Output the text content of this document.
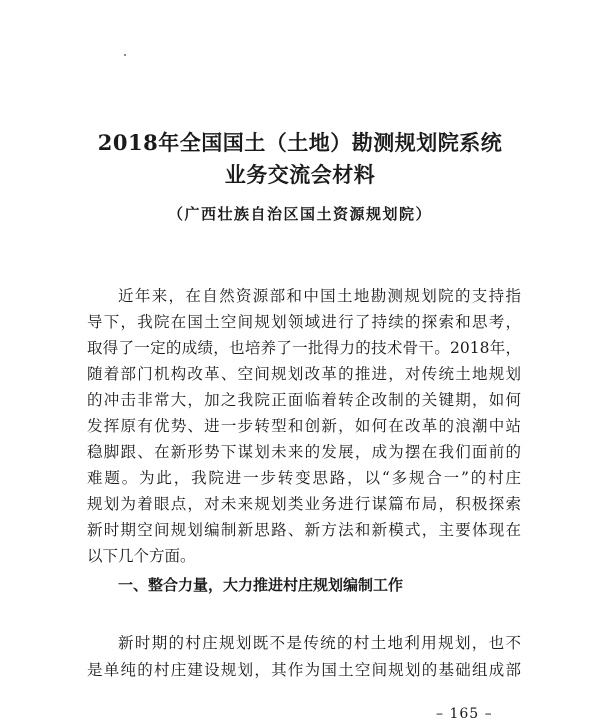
2018年全国国土（土地）勘测规划院系统
业务交流会材料
（广西壮族自治区国土资源规划院）
近年来，在自然资源部和中国土地勘测规划院的支持指
导下，我院在国土空间规划领域进行了持续的探索和思考，
取得了一定的成绩，也培养了一批得力的技术骨干。2018年，
随着部门机构改革、空间规划改革的推进，对传统土地规划
的冲击非常大，加之我院正面临着转企改制的关键期，如何
发挥原有优势、进一步转型和创新，如何在改革的浪潮中站
稳脚跟、在新形势下谋划未来的发展，成为摆在我们面前的
难题。为此，我院进一步转变思路，以“多规合一”的村庄
规划为着眼点，对未来规划类业务进行谋篇布局，积极探索
新时期空间规划编制新思路、新方法和新模式，主要体现在
以下几个方面。
一、整合力量，大力推进村庄规划编制工作
新时期的村庄规划既不是传统的村土地利用规划，也不
是单纯的村庄建设规划，其作为国土空间规划的基础组成部
– 165 –
